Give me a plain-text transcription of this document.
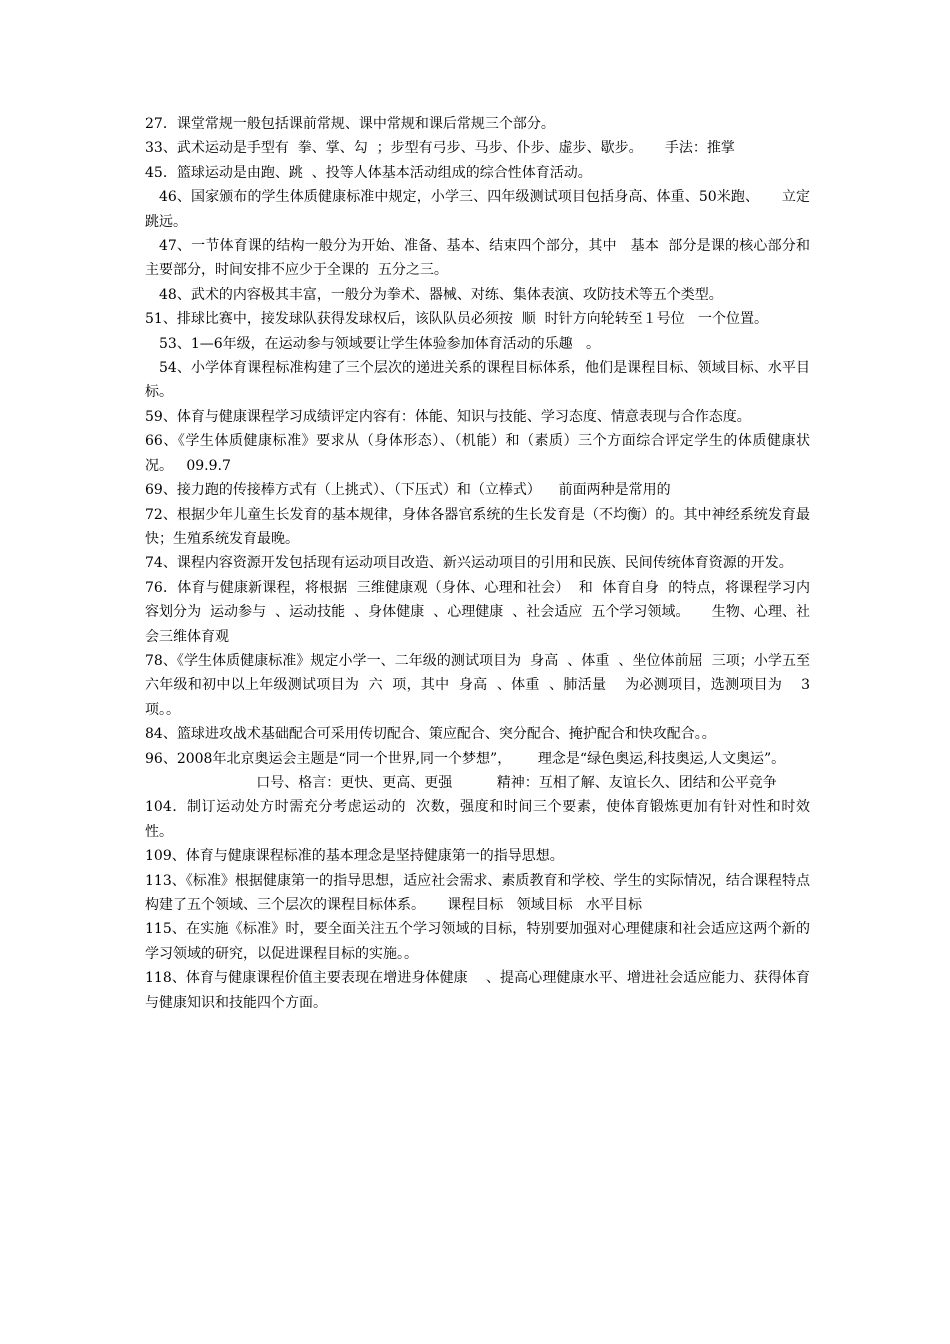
27．课堂常规一般包括课前常规、课中常规和课后常规三个部分。

33、武术运动是手型有  拳、掌、勾  ；步型有弓步、马步、仆步、虚步、歇步。     手法：推掌

45．篮球运动是由跑、跳  、投等人体基本活动组成的综合性体育活动。

46、国家颁布的学生体质健康标准中规定，小学三、四年级测试项目包括身高、体重、50米跑、     立定跳远。

47、一节体育课的结构一般分为开始、准备、基本、结束四个部分，其中   基本  部分是课的核心部分和主要部分，时间安排不应少于全课的  五分之三。

48、武术的内容极其丰富，一般分为拳术、器械、对练、集体表演、攻防技术等五个类型。

51、排球比赛中，接发球队获得发球权后，该队队员必须按  顺  时针方向轮转至１号位   一个位置。

53、1—6年级，在运动参与领域要让学生体验参加体育活动的乐趣   。

54、小学体育课程标准构建了三个层次的递进关系的课程目标体系，他们是课程目标、领域目标、水平目标。

59、体育与健康课程学习成绩评定内容有：体能、知识与技能、学习态度、情意表现与合作态度。

66、《学生体质健康标准》要求从（身体形态）、（机能）和（素质）三个方面综合评定学生的体质健康状况。   09.9.7

69、接力跑的传接棒方式有（上挑式）、（下压式）和（立棒式）    前面两种是常用的

72、根据少年儿童生长发育的基本规律，身体各器官系统的生长发育是（不均衡）的。其中神经系统发育最快；生殖系统发育最晚。

74、课程内容资源开发包括现有运动项目改造、新兴运动项目的引用和民族、民间传统体育资源的开发。

76．体育与健康新课程，将根据  三维健康观（身体、心理和社会）  和  体育自身  的特点，将课程学习内容划分为  运动参与  、运动技能  、身体健康  、心理健康  、社会适应  五个学习领域。     生物、心理、社会三维体育观

78、《学生体质健康标准》规定小学一、二年级的测试项目为  身高  、体重  、坐位体前屈  三项；小学五至六年级和初中以上年级测试项目为  六  项，其中  身高  、体重  、肺活量    为必测项目，选测项目为    3  项。。

84、篮球进攻战术基础配合可采用传切配合、策应配合、突分配合、掩护配合和快攻配合。。

96、2008年北京奥运会主题是“同一个世界,同一个梦想”，      理念是“绿色奥运,科技奥运,人文奥运”。

口号、格言：更快、更高、更强          精神：互相了解、友谊长久、团结和公平竞争

104．制订运动处方时需充分考虑运动的  次数，强度和时间三个要素，使体育锻炼更加有针对性和时效性。

109、体育与健康课程标准的基本理念是坚持健康第一的指导思想。

113、《标准》根据健康第一的指导思想，适应社会需求、素质教育和学校、学生的实际情况，结合课程特点构建了五个领域、三个层次的课程目标体系。     课程目标   领域目标   水平目标

115、在实施《标准》时，要全面关注五个学习领域的目标，特别要加强对心理健康和社会适应这两个新的学习领域的研究，以促进课程目标的实施。。

118、体育与健康课程价值主要表现在增进身体健康    、提高心理健康水平、增进社会适应能力、获得体育与健康知识和技能四个方面。
